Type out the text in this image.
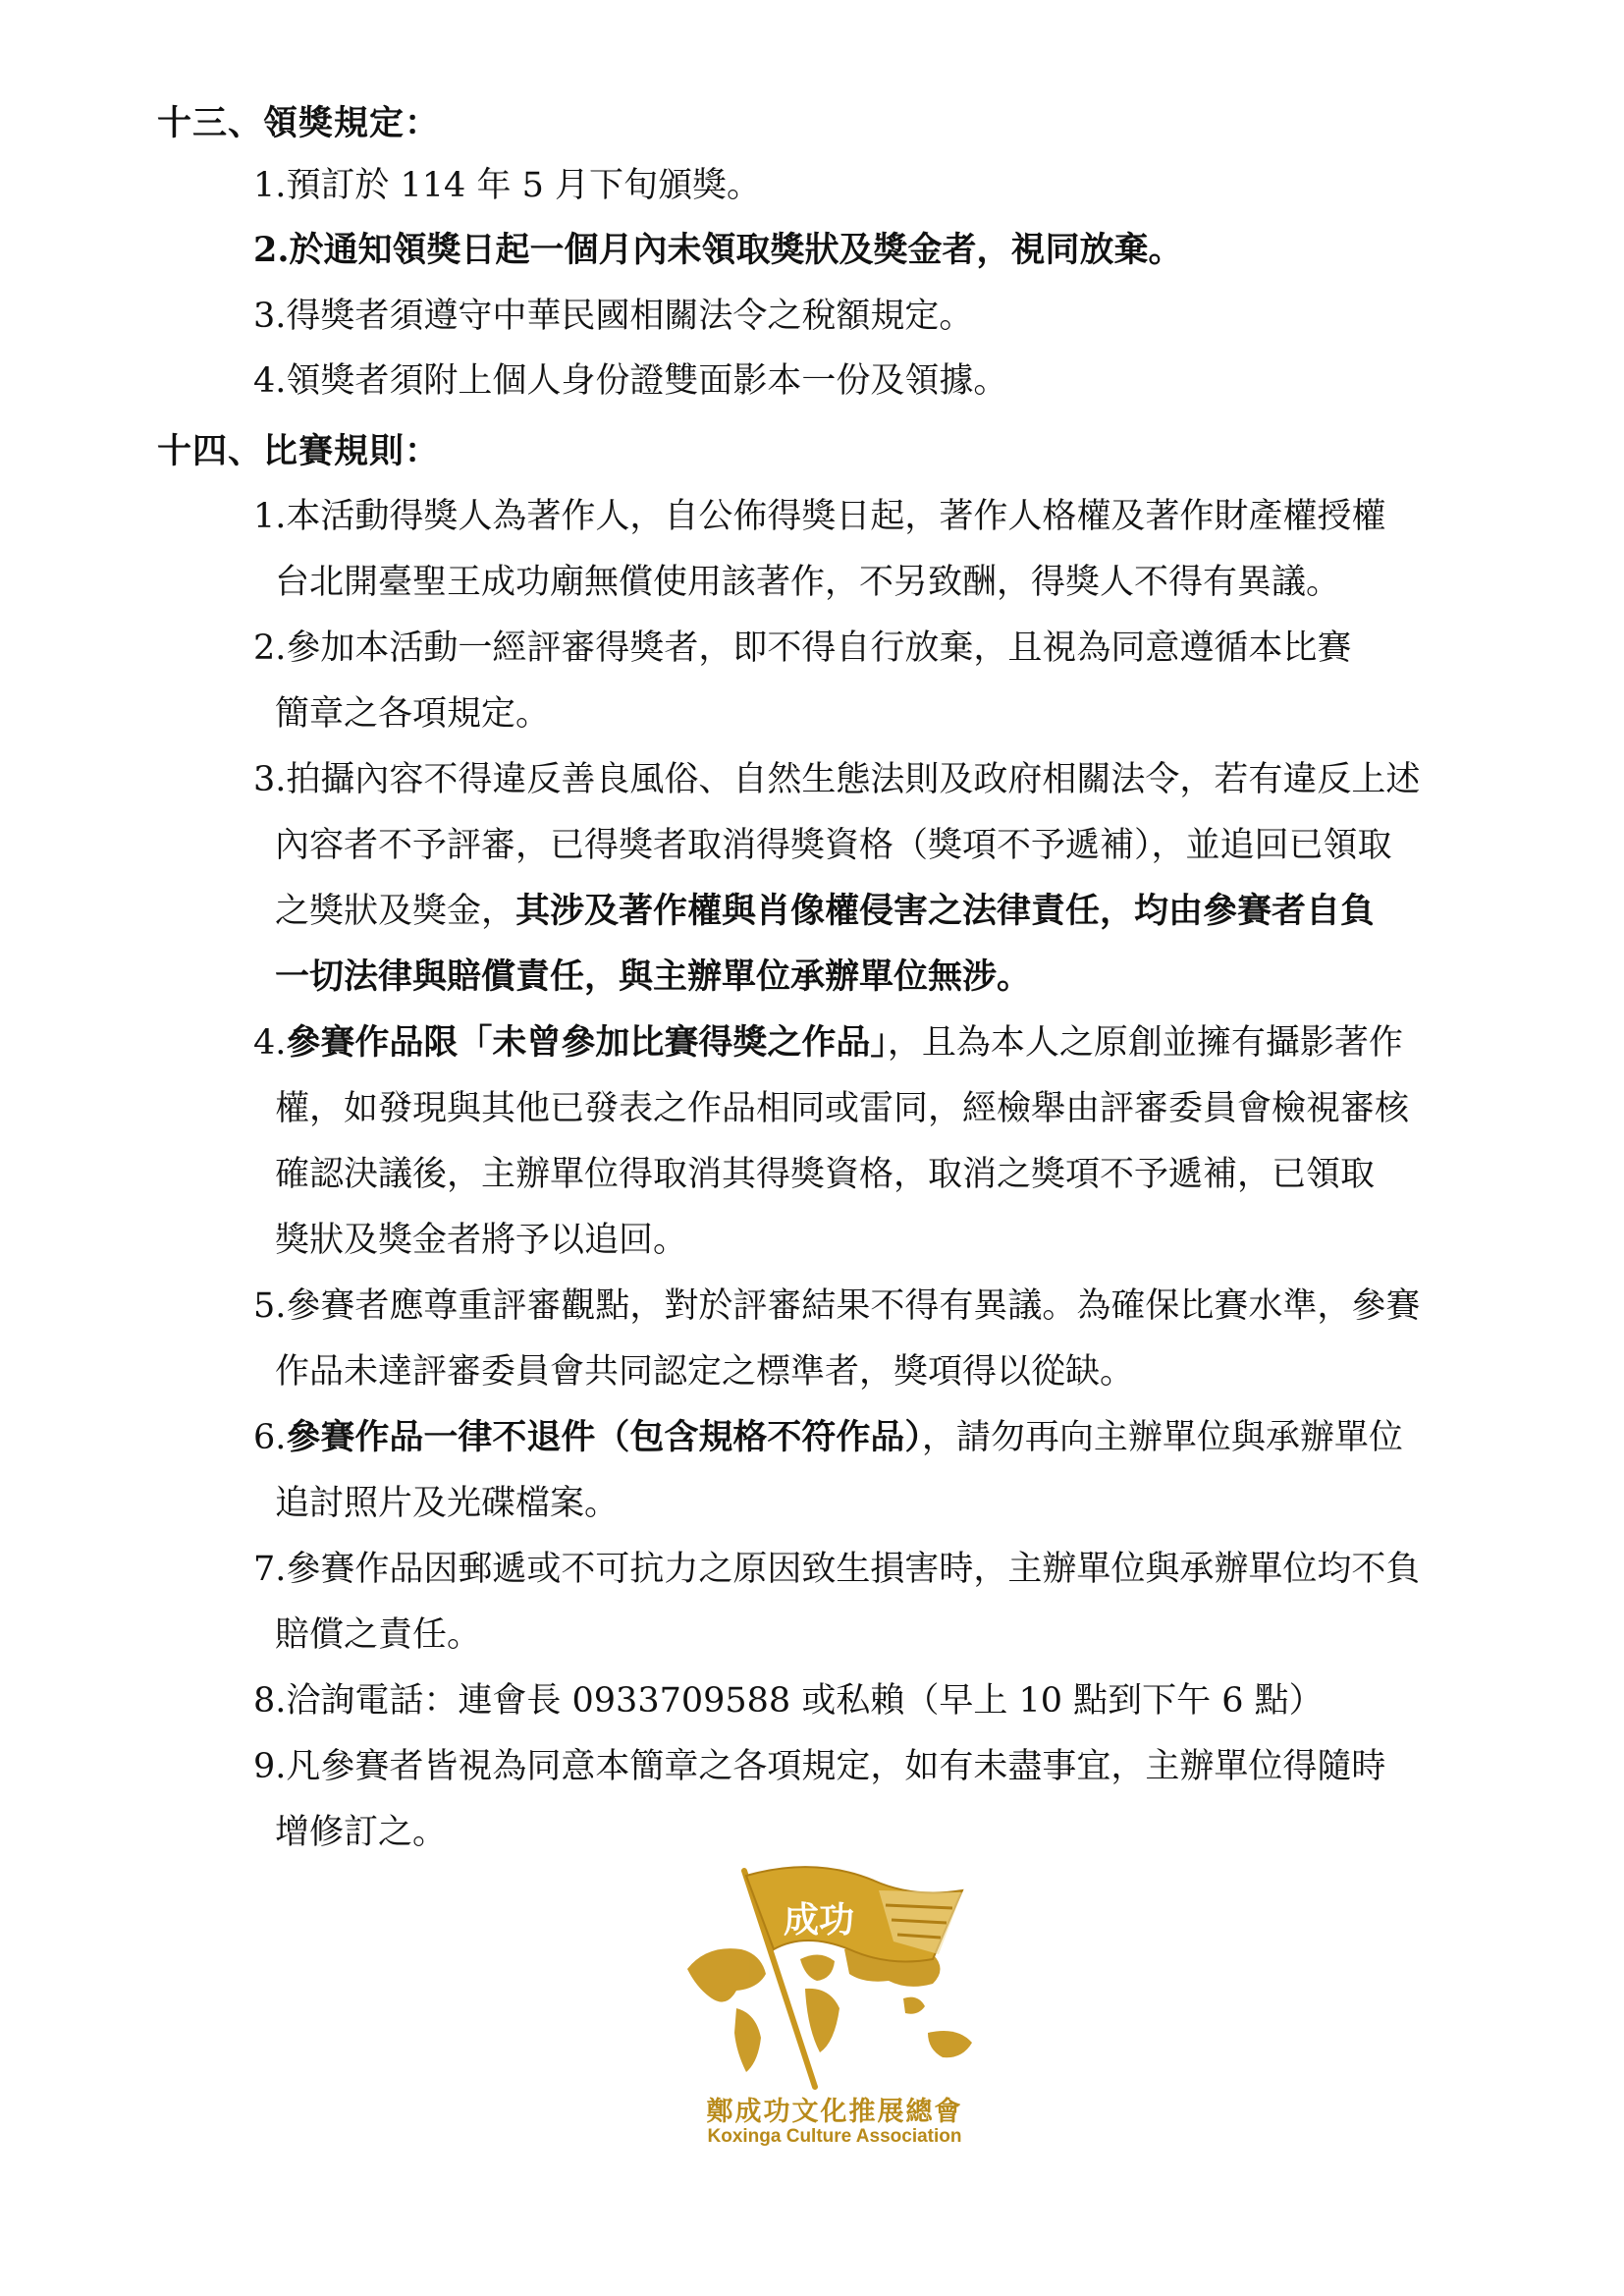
十三、領獎規定：
1.預訂於 114 年 5 月下旬頒獎。
2.於通知領獎日起一個月內未領取獎狀及獎金者，視同放棄。
3.得獎者須遵守中華民國相關法令之稅額規定。
4.領獎者須附上個人身份證雙面影本一份及領據。
十四、比賽規則：
1.本活動得獎人為著作人，自公佈得獎日起，著作人格權及著作財產權授權
台北開臺聖王成功廟無償使用該著作，不另致酬，得獎人不得有異議。
2.參加本活動一經評審得獎者，即不得自行放棄，且視為同意遵循本比賽
簡章之各項規定。
3.拍攝內容不得違反善良風俗、自然生態法則及政府相關法令，若有違反上述
內容者不予評審，已得獎者取消得獎資格（獎項不予遞補），並追回已領取
之獎狀及獎金，其涉及著作權與肖像權侵害之法律責任，均由參賽者自負
一切法律與賠償責任，與主辦單位承辦單位無涉。
4.參賽作品限「未曾參加比賽得獎之作品」，且為本人之原創並擁有攝影著作
權，如發現與其他已發表之作品相同或雷同，經檢舉由評審委員會檢視審核
確認決議後，主辦單位得取消其得獎資格，取消之獎項不予遞補，已領取
獎狀及獎金者將予以追回。
5.參賽者應尊重評審觀點，對於評審結果不得有異議。為確保比賽水準，參賽
作品未達評審委員會共同認定之標準者，獎項得以從缺。
6.參賽作品一律不退件（包含規格不符作品），請勿再向主辦單位與承辦單位
追討照片及光碟檔案。
7.參賽作品因郵遞或不可抗力之原因致生損害時，主辦單位與承辦單位均不負
賠償之責任。
8.洽詢電話：連會長 0933709588 或私賴（早上 10 點到下午 6 點）
9.凡參賽者皆視為同意本簡章之各項規定，如有未盡事宜，主辦單位得隨時
增修訂之。
成功
鄭成功文化推展總會
Koxinga Culture Association
